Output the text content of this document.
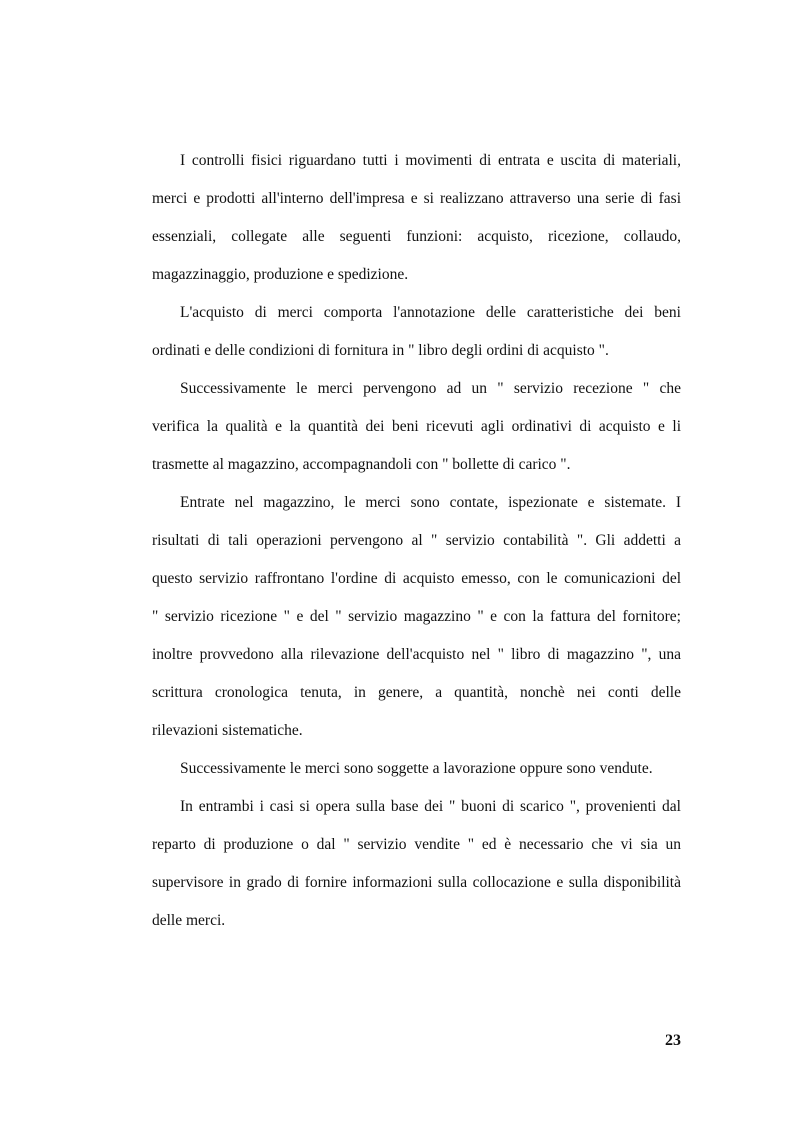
I controlli fisici riguardano tutti i movimenti di entrata e uscita di materiali,

merci e prodotti all'interno dell'impresa e si realizzano attraverso una serie di fasi

essenziali, collegate alle seguenti funzioni: acquisto, ricezione, collaudo,

magazzinaggio, produzione e spedizione.

L'acquisto di merci comporta l'annotazione delle caratteristiche dei beni

ordinati e delle condizioni di fornitura in " libro degli ordini di acquisto ".

Successivamente le merci pervengono ad un " servizio recezione " che

verifica la qualità e la quantità dei beni ricevuti agli ordinativi di acquisto e li

trasmette al magazzino, accompagnandoli con " bollette di carico ".

Entrate nel magazzino, le merci sono contate, ispezionate e sistemate. I

risultati di tali operazioni pervengono al " servizio contabilità ". Gli addetti a

questo servizio raffrontano l'ordine di acquisto emesso, con le comunicazioni del

" servizio ricezione " e del " servizio magazzino " e con la fattura del fornitore;

inoltre provvedono alla rilevazione dell'acquisto nel " libro di magazzino ", una

scrittura cronologica tenuta, in genere, a quantità, nonchè nei conti delle

rilevazioni sistematiche.

Successivamente le merci sono soggette a lavorazione oppure sono vendute.

In entrambi i casi si opera sulla base dei " buoni di scarico ", provenienti dal

reparto di produzione o dal " servizio vendite " ed è necessario che vi sia un

supervisore in grado di fornire informazioni sulla collocazione e sulla disponibilità

delle merci.

23
